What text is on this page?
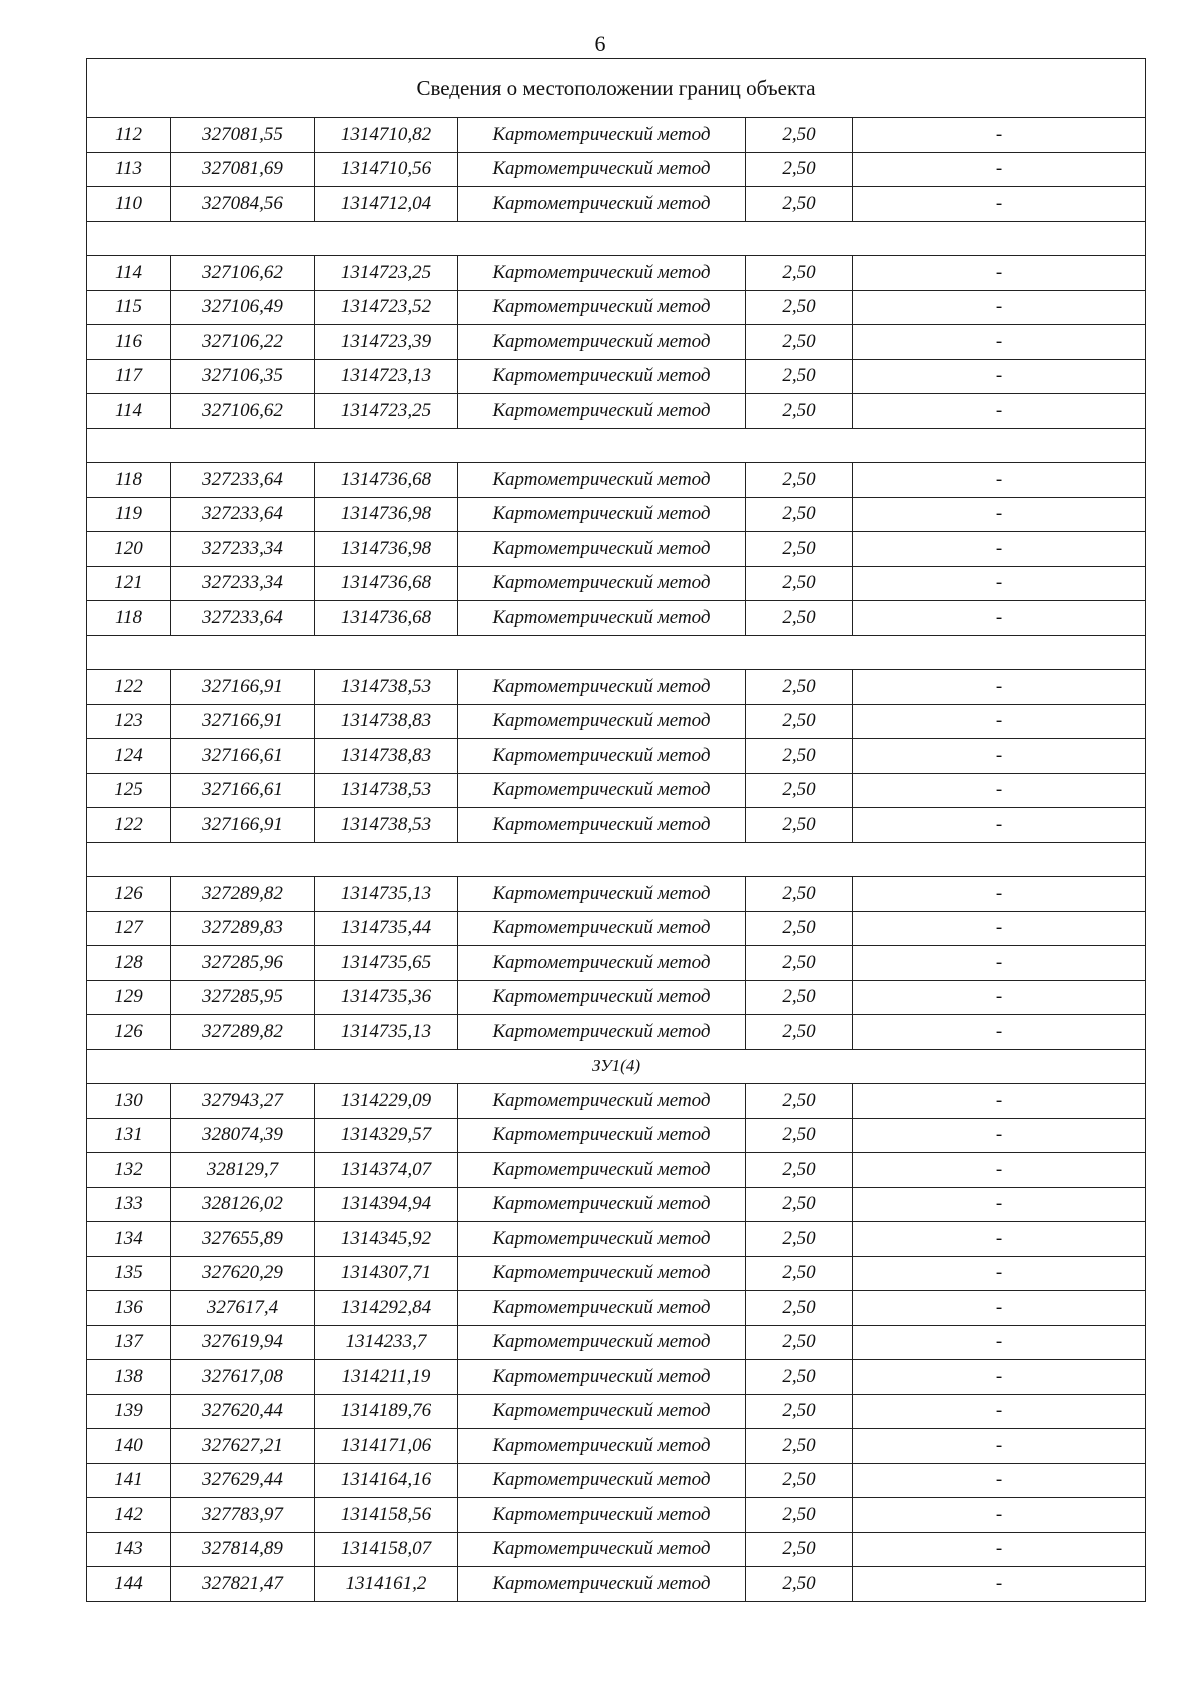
6
Сведения о местоположении границ объекта					
112	327081,55	1314710,82	Картометрический метод	2,50	-
113	327081,69	1314710,56	Картометрический метод	2,50	-
110	327084,56	1314712,04	Картометрический метод	2,50	-

114	327106,62	1314723,25	Картометрический метод	2,50	-
115	327106,49	1314723,52	Картометрический метод	2,50	-
116	327106,22	1314723,39	Картометрический метод	2,50	-
117	327106,35	1314723,13	Картометрический метод	2,50	-
114	327106,62	1314723,25	Картометрический метод	2,50	-

118	327233,64	1314736,68	Картометрический метод	2,50	-
119	327233,64	1314736,98	Картометрический метод	2,50	-
120	327233,34	1314736,98	Картометрический метод	2,50	-
121	327233,34	1314736,68	Картометрический метод	2,50	-
118	327233,64	1314736,68	Картометрический метод	2,50	-

122	327166,91	1314738,53	Картометрический метод	2,50	-
123	327166,91	1314738,83	Картометрический метод	2,50	-
124	327166,61	1314738,83	Картометрический метод	2,50	-
125	327166,61	1314738,53	Картометрический метод	2,50	-
122	327166,91	1314738,53	Картометрический метод	2,50	-

126	327289,82	1314735,13	Картометрический метод	2,50	-
127	327289,83	1314735,44	Картометрический метод	2,50	-
128	327285,96	1314735,65	Картометрический метод	2,50	-
129	327285,95	1314735,36	Картометрический метод	2,50	-
126	327289,82	1314735,13	Картометрический метод	2,50	-
ЗУ1(4)					
130	327943,27	1314229,09	Картометрический метод	2,50	-
131	328074,39	1314329,57	Картометрический метод	2,50	-
132	328129,7	1314374,07	Картометрический метод	2,50	-
133	328126,02	1314394,94	Картометрический метод	2,50	-
134	327655,89	1314345,92	Картометрический метод	2,50	-
135	327620,29	1314307,71	Картометрический метод	2,50	-
136	327617,4	1314292,84	Картометрический метод	2,50	-
137	327619,94	1314233,7	Картометрический метод	2,50	-
138	327617,08	1314211,19	Картометрический метод	2,50	-
139	327620,44	1314189,76	Картометрический метод	2,50	-
140	327627,21	1314171,06	Картометрический метод	2,50	-
141	327629,44	1314164,16	Картометрический метод	2,50	-
142	327783,97	1314158,56	Картометрический метод	2,50	-
143	327814,89	1314158,07	Картометрический метод	2,50	-
144	327821,47	1314161,2	Картометрический метод	2,50	-
